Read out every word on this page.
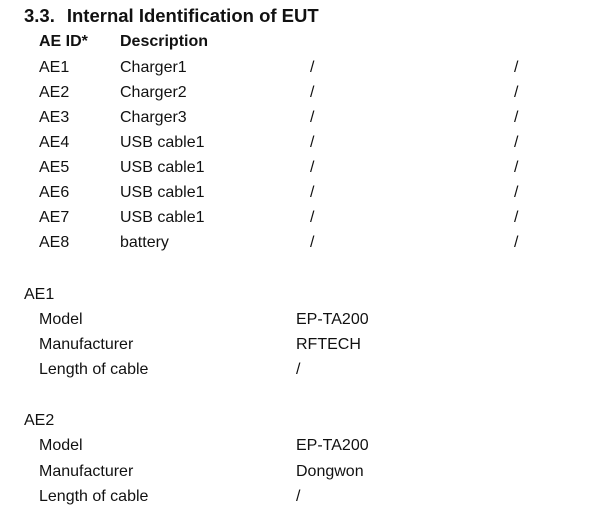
3.3. Internal Identification of EUT
AE ID* Description
AE1	Charger1	/	/
AE2	Charger2	/	/
AE3	Charger3	/	/
AE4	USB cable1	/	/
AE5	USB cable1	/	/
AE6	USB cable1	/	/
AE7	USB cable1	/	/
AE8	battery	/	/
AE1
Model	EP-TA200
Manufacturer	RFTECH
Length of cable	/
AE2
Model	EP-TA200
Manufacturer	Dongwon
Length of cable	/
